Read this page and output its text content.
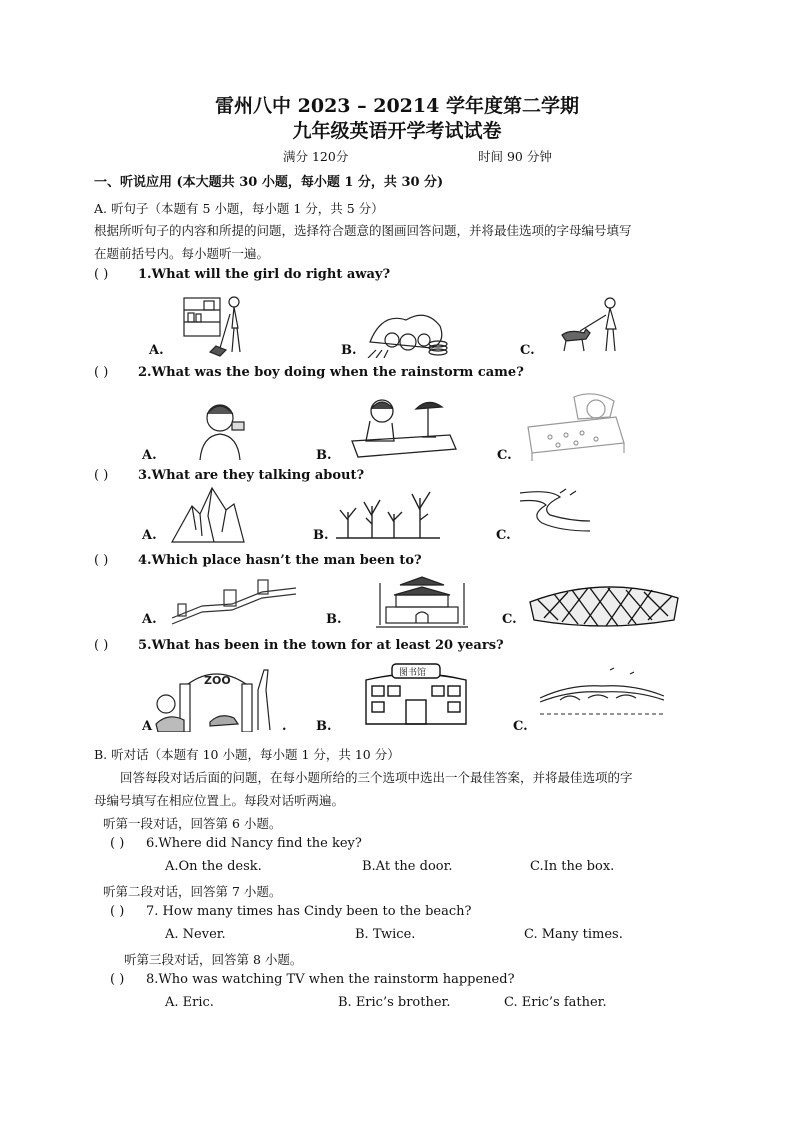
雷州八中 2023 – 20214 学年度第二学期
九年级英语开学考试试卷
满分 120分	时间 90 分钟
一、听说应用 (本大题共 30 小题，每小题 1 分，共 30 分)
A. 听句子（本题有 5 小题，每小题 1 分，共 5 分）
根据所听句子的内容和所提的问题，选择符合题意的图画回答问题，并将最佳选项的字母编号填写
在题前括号内。每小题听一遍。
( ) 1.What will the girl do right away?
A.	B.	C.
( ) 2.What was the boy doing when the rainstorm came?
A.	B.	C.
( ) 3.What are they talking about?
A.	B.	C.
( ) 4.Which place hasn’t the man been to?
A.	B.	C.
( ) 5.What has been in the town for at least 20 years?
A	. B.	C.
ZOO
图书馆
B. 听对话（本题有 10 小题，每小题 1 分，共 10 分）
回答每段对话后面的问题，在每小题所给的三个选项中选出一个最佳答案，并将最佳选项的字
母编号填写在相应位置上。每段对话听两遍。
听第一段对话，回答第 6 小题。
( ) 6.Where did Nancy find the key?
A.On the desk.	B.At the door.	C.In the box.
听第二段对话，回答第 7 小题。
( ) 7. How many times has Cindy been to the beach?
A. Never.	B. Twice.	C. Many times.
听第三段对话，回答第 8 小题。
( ) 8.Who was watching TV when the rainstorm happened?
A. Eric.	B. Eric’s brother.	C. Eric’s father.
